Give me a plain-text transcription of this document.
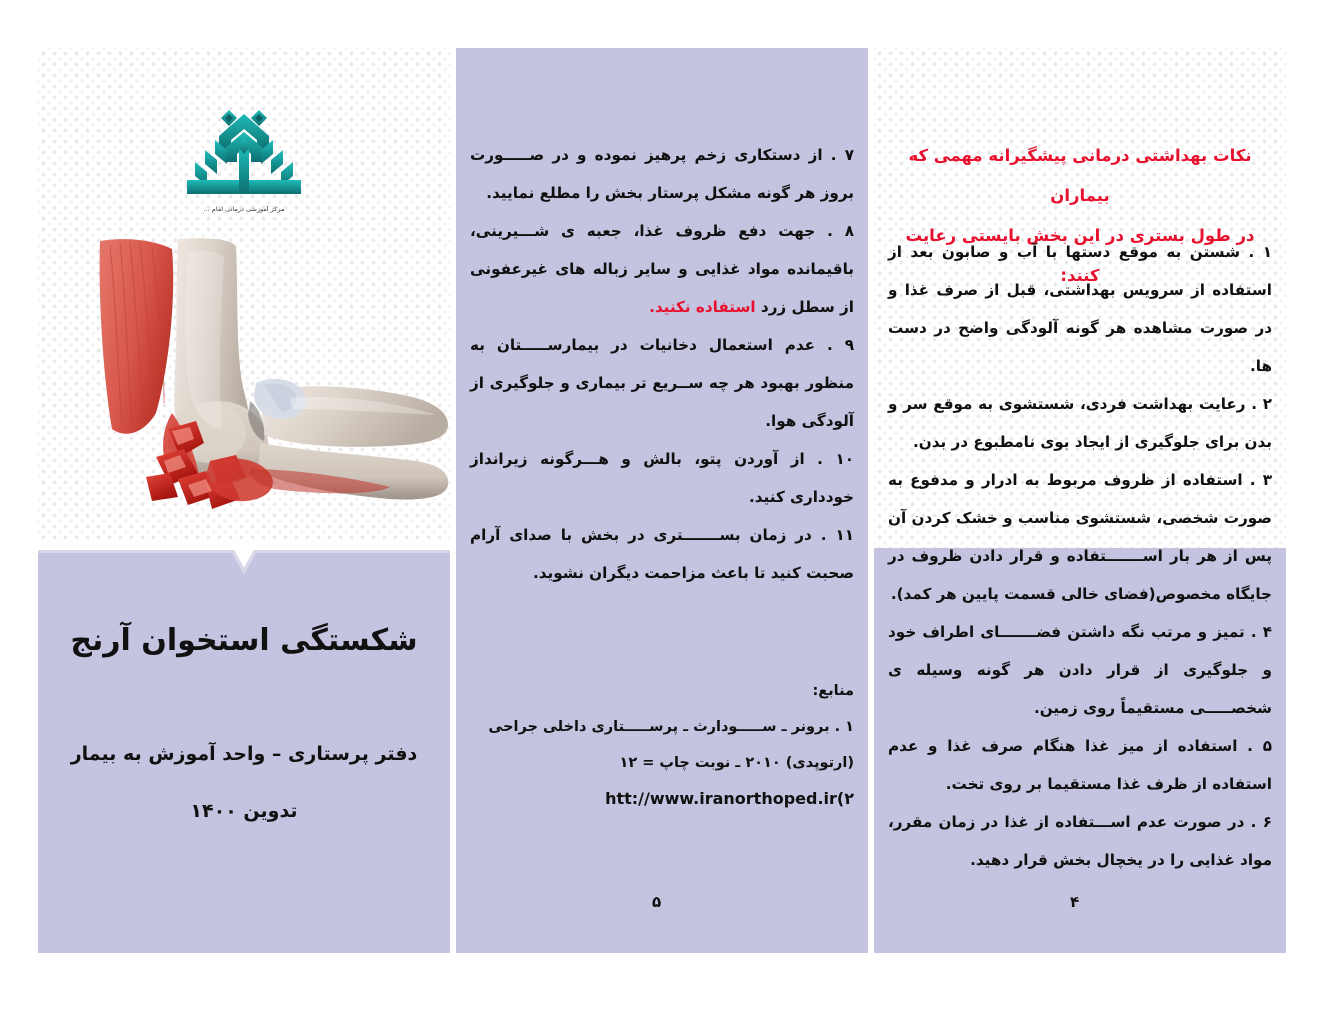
مرکز آموزشی درمانی امام ...
شکستگی استخوان آرنج
دفتر پرستاری – واحد آموزش به بیمار
تدوین ۱۴۰۰

۷ . از دستکاری زخم پرهیز نموده و در صـــــورت بروز هر گونه مشکل پرستار بخش را مطلع نمایید.

۸ . جهت دفع ظروف غذا، جعبه ی شـــیرینی، باقیمانده مواد غذایی و سایر زباله های غیرعفونی از سطل زرد استفاده نکنید.

۹ . عدم استعمال دخانیات در بیمارســـــتان به منظور بهبود هر چه ســریع تر بیماری و جلوگیری از آلودگی هوا.

۱۰ . از آوردن پتو، بالش و هـــرگونه زیرانداز خودداری کنید.

۱۱ . در زمان بســـــــتری در بخش با صدای آرام صحبت کنید تا باعث مزاحمت دیگران نشوید.

منابع:
۱ . برونر ـ ســـــودارث ـ پرســـــتاری داخلی جراحی (ارتوپدی) ۲۰۱۰ ـ نوبت چاپ = ۱۲
htt://www.iranorthoped.ir(۲
۵
نکات بهداشتی درمانی پیشگیرانه مهمی که بیماران
در طول بستری در این بخش بایستی رعایت کنند:

۱ . شستن به موقع دستها با آب و صابون بعد از استفاده از سرویس بهداشتی، قبل از صرف غذا و در صورت مشاهده هر گونه آلودگی واضح در دست ها.

۲ . رعایت بهداشت فردی، شستشوی به موقع سر و بدن برای جلوگیری از ایجاد بوی نامطبوع در بدن.

۳ . استفاده از ظروف مربوط به ادرار و مدفوع به صورت شخصی، شستشوی مناسب و خشک کردن آن پس از هر بار اســـــــتفاده و قرار دادن ظروف در جایگاه مخصوص(فضای خالی قسمت پایین هر کمد).

۴ . تمیز و مرتب نگه داشتن فضـــــــای اطراف خود و جلوگیری از قرار دادن هر گونه وسیله ی شخصـــــی مستقیماً روی زمین.

۵ . استفاده از میز غذا هنگام صرف غذا و عدم استفاده از ظرف غذا مستقیما بر روی تخت.

۶ . در صورت عدم اســـتفاده از غذا در زمان مقرر، مواد غذایی را در یخچال بخش قرار دهید.

۴
